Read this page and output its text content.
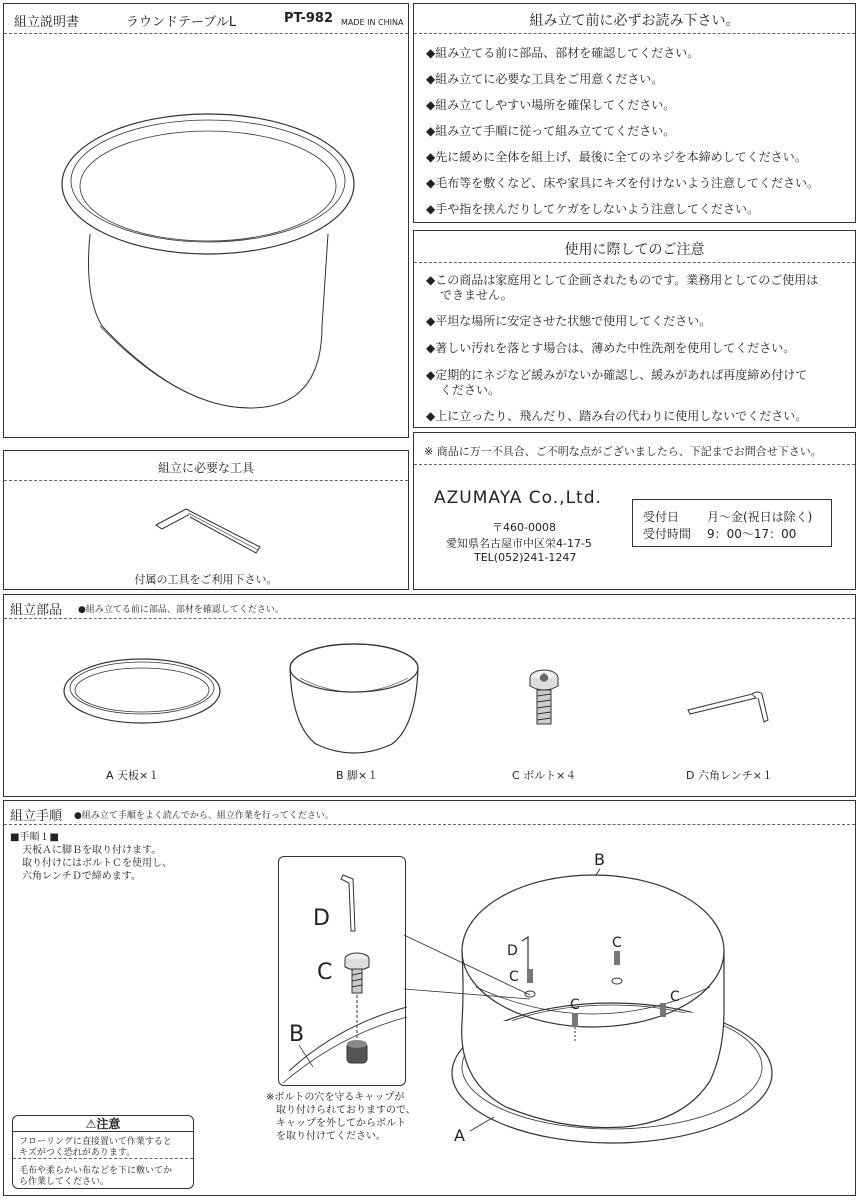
組立説明書	ラウンドテーブルL	PT-982 MADE IN CHINA	組み立て前に必ずお読み下さい。
◆組み立てる前に部品、部材を確認してください。
◆組み立てに必要な工具をご用意ください。
◆組み立てしやすい場所を確保してください。
◆組み立て手順に従って組み立ててください。
◆先に緩めに全体を組上げ、最後に全てのネジを本締めしてください。
◆毛布等を敷くなど、床や家具にキズを付けないよう注意してください。
◆手や指を挟んだりしてケガをしないよう注意してください。
使用に際してのご注意
◆この商品は家庭用として企画されたものです。業務用としてのご使用は
できません。
◆平坦な場所に安定させた状態で使用してください。
◆著しい汚れを落とす場合は、薄めた中性洗剤を使用してください。
◆定期的にネジなど緩みがないか確認し、緩みがあれば再度締め付けて
ください。
◆上に立ったり、飛んだり、踏み台の代わりに使用しないでください。
※ 商品に万一不具合、ご不明な点がございましたら、下記までお問合せ下さい。
AZUMAYA Co.,Ltd.
〒460-0008
愛知県名古屋市中区栄4-17-5
TEL(052)241-1247
受付日 月〜金(祝日は除く)
受付時間 9：00〜17：00
組立に必要な工具
付属の工具をご利用下さい。
組立部品 ●組み立てる前に部品、部材を確認してください。
A 天板×１	B 脚×１	C ボルト×４	D 六角レンチ×１
組立手順 ●組み立て手順をよく読んでから、組立作業を行ってください。
■手順１■
天板Ａに脚Ｂを取り付けます。
取り付けにはボルトＣを使用し、
六角レンチＤで締めます。
D
C
B
※ボルトの穴を守るキャップが
取り付けられておりますので、
キャップを外してからボルト
を取り付けてください。
B
A
D
C
C
C
C
⚠注意
フローリングに直接置いて作業すると
キズがつく恐れがあります。
毛布や柔らかい布などを下に敷いてか
ら作業してください。
